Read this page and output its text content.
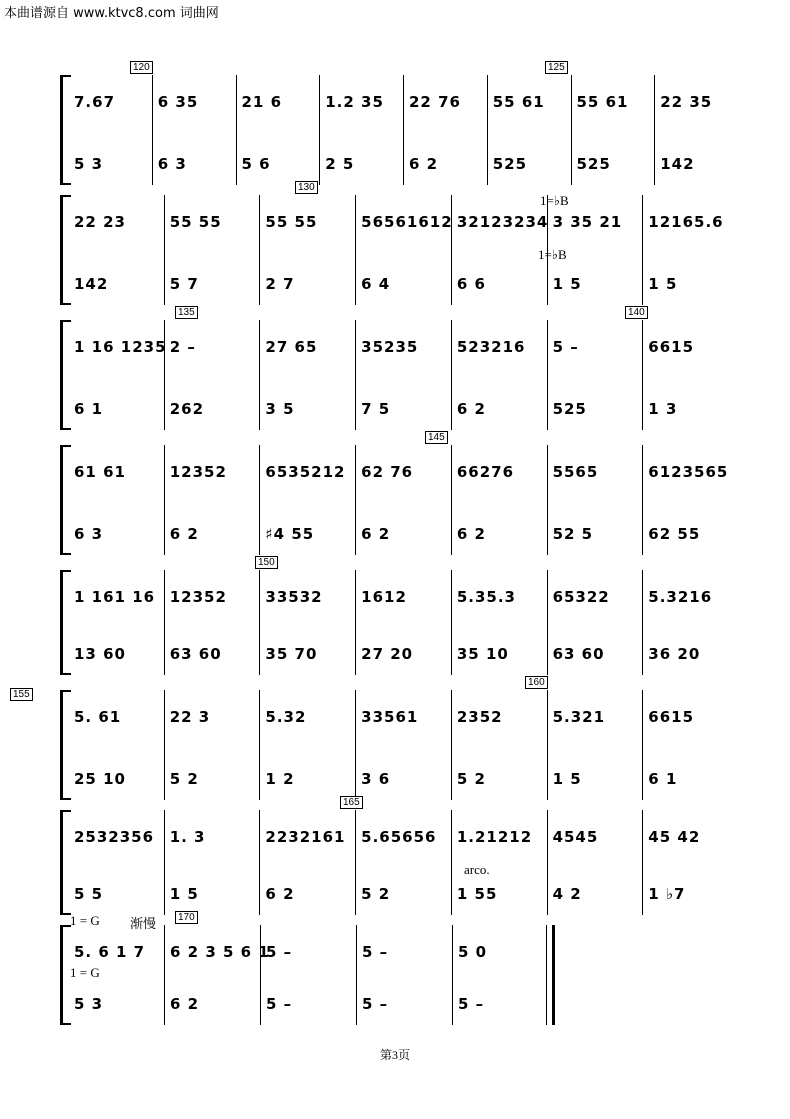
本曲谱源自 www.ktvc8.com 词曲网
7.67
5 3
6 35
6 3
21 6
5 6
1.2 35
2 5
22 76
6 2
55 61
525
55 61
525
22 35
142
120	125
1=♭B
22 23
142
55 55
5 7
55 55
2 7
56561612
6 4
32123234
6 6
3 35 21
1 5
12165.6
1 5
130
1=♭B
1 16 1235
6 1
2 –
262
27 65
3 5
35235
7 5
523216
6 2
5 –
525
6615
1 3
135	140
61 61
6 3
12352
6 2
6535212
♯4 55
62 76
6 2
66276
6 2
5565
52 5
6123565
62 55
145
1 161 16
13 60
12352
63 60
33532
35 70
1612
27 20
5.35.3
35 10
65322
63 60
5.3216
36 20
150
5. 61
25 10
22 3
5 2
5.32
1 2
33561
3 6
2352
5 2
5.321
1 5
6615
6 1
155
160
2532356
5 5
1. 3
1 5
2232161
6 2
5.65656
5 2
1.21212
1 55
4545
4 2
45 42
1 ♭7
165
arco.
5. 6 1 7
5 3
6 2 3 5 6 1
6 2
5 –
5 –
5 –
5 –
5 0
5 –
170
1 = G 渐慢
1 = G
第3页
